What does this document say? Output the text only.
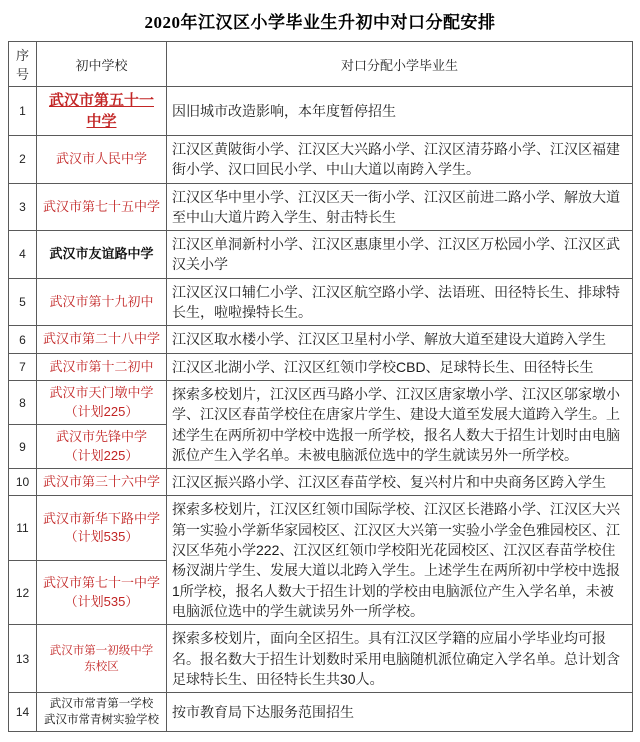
2020年江汉区小学毕业生升初中对口分配安排
序号	初中学校	对口分配小学毕业生
1	武汉市第五十一中学	因旧城市改造影响，本年度暂停招生
2	武汉市人民中学	江汉区黄陂街小学、江汉区大兴路小学、江汉区清芬路小学、江汉区福建街小学、汉口回民小学、中山大道以南跨入学生。
3	武汉市第七十五中学	江汉区华中里小学、江汉区天一街小学、江汉区前进二路小学、解放大道至中山大道片跨入学生、射击特长生
4	武汉市友谊路中学	江汉区单洞新村小学、江汉区惠康里小学、江汉区万松园小学、江汉区武汉关小学
5	武汉市第十九初中	江汉区汉口辅仁小学、江汉区航空路小学、法语班、田径特长生、排球特长生，啦啦操特长生。
6	武汉市第二十八中学	江汉区取水楼小学、江汉区卫星村小学、解放大道至建设大道跨入学生
7	武汉市第十二初中	江汉区北湖小学、江汉区红领巾学校CBD、足球特长生、田径特长生
8	武汉市天门墩中学
（计划225）	探索多校划片，江汉区西马路小学、江汉区唐家墩小学、江汉区邬家墩小学、江汉区春苗学校住在唐家片学生、建设大道至发展大道跨入学生。上述学生在两所初中学校中选报一所学校，报名人数大于招生计划时由电脑派位产生入学名单。未被电脑派位选中的学生就读另外一所学校。
9	武汉市先锋中学
（计划225）	

10	武汉市第三十六中学	江汉区振兴路小学、江汉区春苗学校、复兴村片和中央商务区跨入学生
11	武汉市新华下路中学
（计划535）	探索多校划片，江汉区红领巾国际学校、江汉区长港路小学、江汉区大兴第一实验小学新华家园校区、江汉区大兴第一实验小学金色雅园校区、江汉区华苑小学222、江汉区红领巾学校阳光花园校区、江汉区春苗学校住杨汊湖片学生、发展大道以北跨入学生。上述学生在两所初中学校中选报1所学校，报名人数大于招生计划的学校由电脑派位产生入学名单，未被电脑派位选中的学生就读另外一所学校。
12	武汉市第七十一中学
（计划535）	

13	武汉市第一初级中学
东校区	探索多校划片，面向全区招生。具有江汉区学籍的应届小学毕业均可报名。报名数大于招生计划数时采用电脑随机派位确定入学名单。总计划含足球特长生、田径特长生共30人。
14	武汉市常青第一学校
武汉市常青树实验学校	按市教育局下达服务范围招生
